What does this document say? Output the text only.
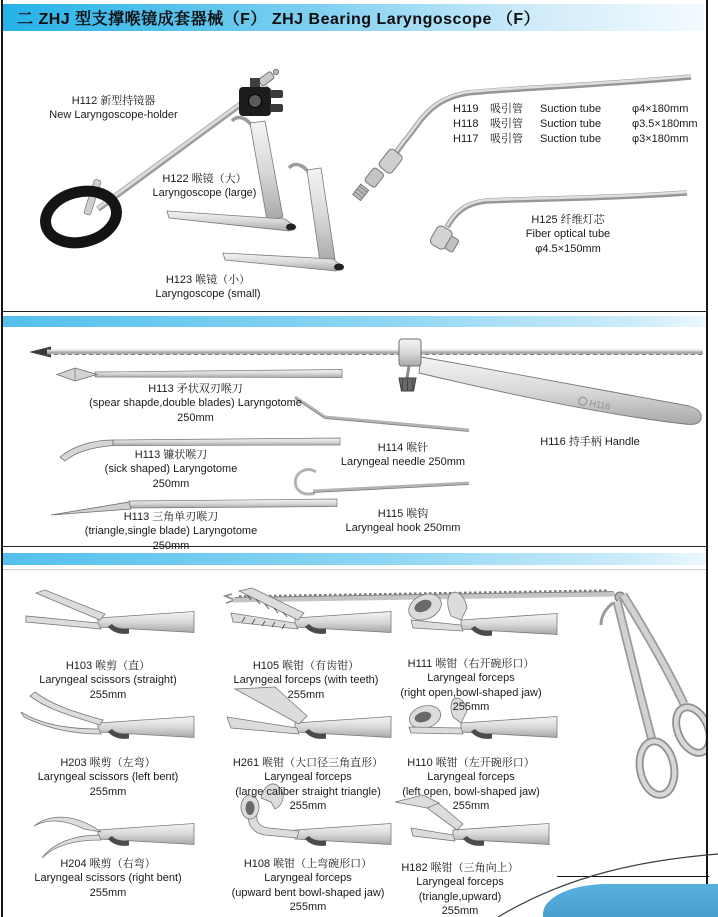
二 ZHJ 型支撑喉镜成套器械（F） ZHJ Bearing Laryngoscope （F）
H112 新型持镜器
New Laryngoscope-holder
H122 喉镜（大）
Laryngoscope (large)
H123 喉镜（小）
Laryngoscope (small)
H119	吸引管	Suction tube	φ4×180mm
H118	吸引管	Suction tube	φ3.5×180mm
H117	吸引管	Suction tube	φ3×180mm
H125 纤维灯芯
Fiber optical tube
φ4.5×150mm
H116
H113 矛状双刃喉刀
(spear shapde,double blades) Laryngotome
250mm
H113 镰状喉刀
(sick shaped) Laryngotome
250mm
H113 三角单刃喉刀
(triangle,single blade) Laryngotome
250mm
H114 喉针
Laryngeal needle 250mm
H115 喉钩
Laryngeal hook 250mm
H116 持手柄 Handle
H103 喉剪（直）
Laryngeal scissors (straight)
255mm
H105 喉钳（有齿钳）
Laryngeal forceps (with teeth)
255mm
H111 喉钳（右开碗形口）
Laryngeal forceps
(right open,bowl-shaped jaw)
255mm
H203 喉剪（左弯）
Laryngeal scissors (left bent)
255mm
H261 喉钳（大口径三角直形）
Laryngeal forceps
(large caliber straight triangle)
255mm
H110 喉钳（左开碗形口）
Laryngeal forceps
(left open, bowl-shaped jaw)
255mm
H204 喉剪（右弯）
Laryngeal scissors (right bent)
255mm
H108 喉钳（上弯碗形口）
Laryngeal forceps
(upward bent bowl-shaped jaw)
255mm
H182 喉钳（三角向上）
Laryngeal forceps
(triangle,upward)
255mm
